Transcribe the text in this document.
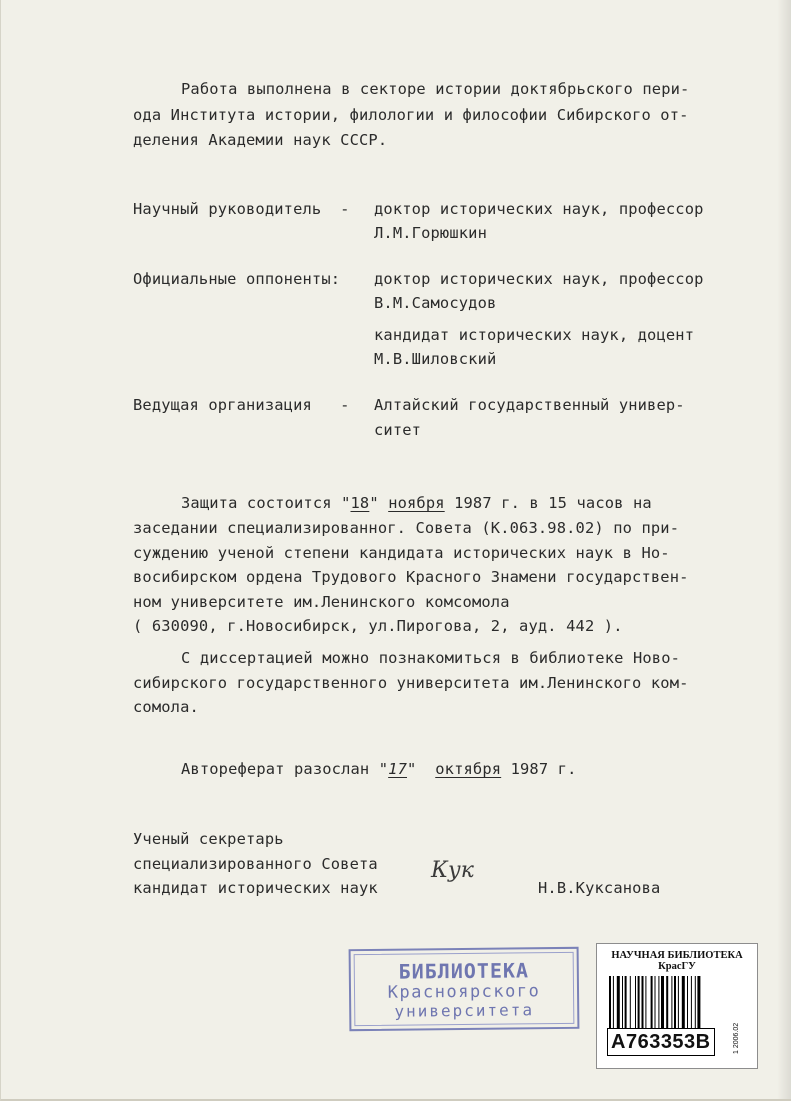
Работа выполнена в секторе истории доктябрьского пери-
ода Института истории, филологии и философии Сибирского от-
деления Академии наук СССР.
Научный руководитель  - доктор исторических наук, профессор
Л.М.Горюшкин
Официальные оппоненты: доктор исторических наук, профессор
В.М.Самосудов
кандидат исторических наук, доцент
М.В.Шиловский
Ведущая организация   - Алтайский государственный универ-
ситет
Защита состоится "18" ноября 1987 г. в 15 часов на
заседании специализированног. Совета (К.063.98.02) по при-
суждению ученой степени кандидата исторических наук в Но-
восибирском ордена Трудового Красного Знамени государствен-
ном университете им.Ленинского комсомола
( 630090, г.Новосибирск, ул.Пирогова, 2, ауд. 442 ).
С диссертацией можно познакомиться в библиотеке Ново-
сибирского государственного университета им.Ленинского ком-
сомола.
Автореферат разослан "17"  октября 1987 г.
Ученый секретарь
специализированного Совета
кандидат исторических наук
Кук
Н.В.Куксанова
БИБЛИОТЕКА
Красноярского
университета
НАУЧНАЯ БИБЛИОТЕКА
КрасГУ
A763353B	1 2006.02
